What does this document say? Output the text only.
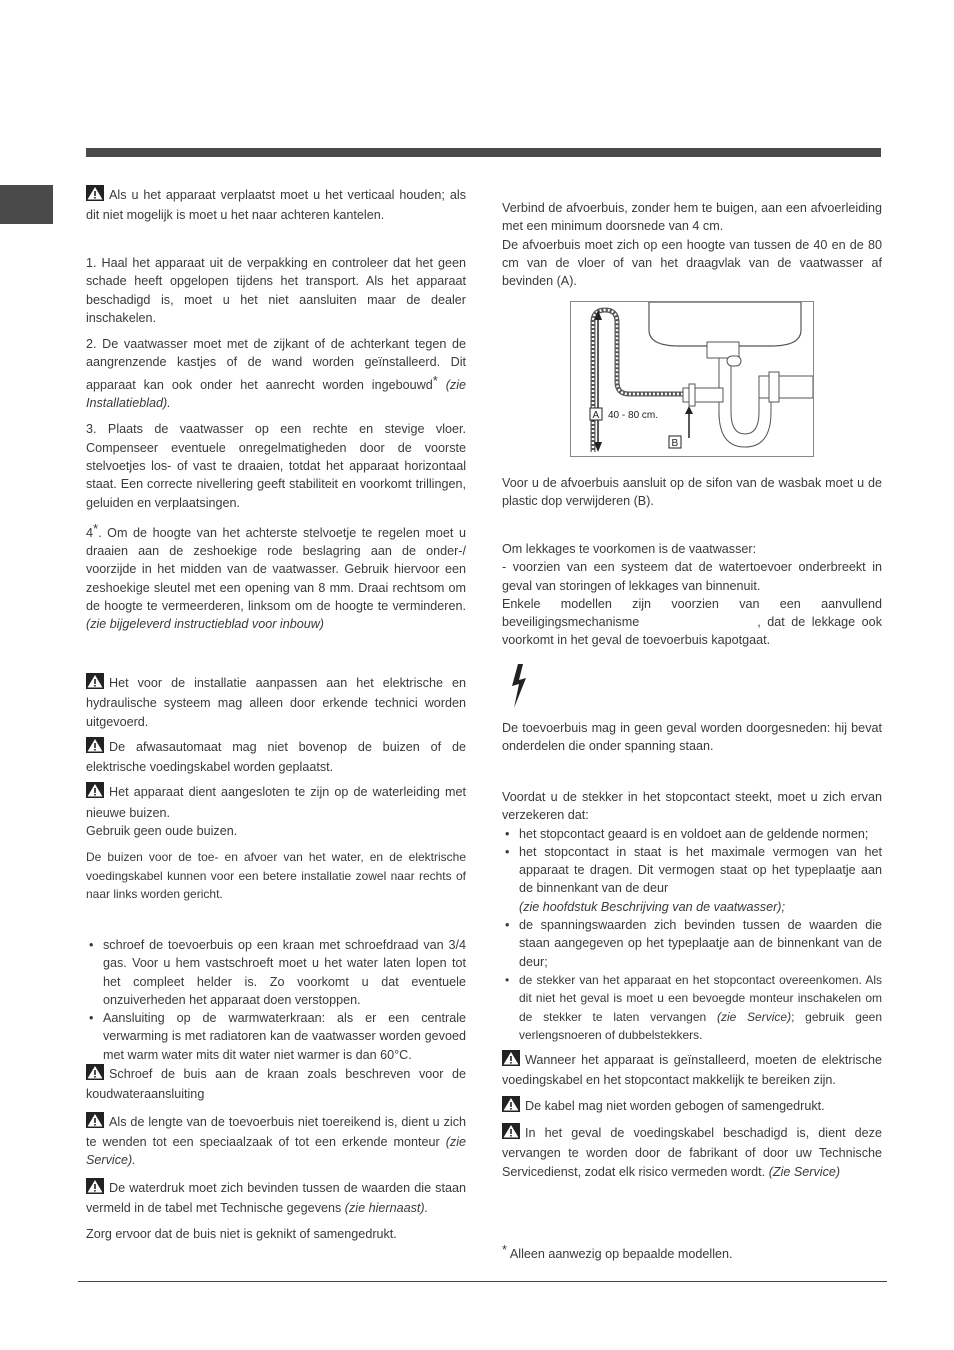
Als u het apparaat verplaatst moet u het verticaal houden; als dit niet mogelijk is moet u het naar achteren kantelen.

1. Haal het apparaat uit de verpakking en controleer dat het geen schade heeft opgelopen tijdens het transport. Als het apparaat beschadigd is, moet u het niet aansluiten maar de dealer inschakelen.

2. De vaatwasser moet met de zijkant of de achterkant tegen de aangrenzende kastjes of de wand worden geïnstalleerd. Dit apparaat kan ook onder het aanrecht worden ingebouwd* (zie Installatieblad).

3. Plaats de vaatwasser op een rechte en stevige vloer. Compenseer eventuele onregelmatigheden door de voorste stelvoetjes los- of vast te draaien, totdat het apparaat horizontaal staat. Een correcte nivellering geeft stabiliteit en voorkomt trillingen, geluiden en verplaatsingen.

4*. Om de hoogte van het achterste stelvoetje te regelen moet u draaien aan de zeshoekige rode beslagring aan de onder-/ voorzijde in het midden van de vaatwasser. Gebruik hiervoor een zeshoekige sleutel met een opening van 8 mm. Draai rechtsom om de hoogte te vermeerderen, linksom om de hoogte te verminderen. (zie bijgeleverd instructieblad voor inbouw)

Het voor de installatie aanpassen aan het elektrische en hydraulische systeem mag alleen door erkende technici worden uitgevoerd.

De afwasautomaat mag niet bovenop de buizen of de elektrische voedingskabel worden geplaatst.

Het apparaat dient aangesloten te zijn op de waterleiding met nieuwe buizen.

Gebruik geen oude buizen.

De buizen voor de toe- en afvoer van het water, en de elektrische voedingskabel kunnen voor een betere installatie zowel naar rechts of naar links worden gericht.

• schroef de toevoerbuis op een kraan met schroefdraad van 3/4 gas. Voor u hem vastschroeft moet u het water laten lopen tot het compleet helder is. Zo voorkomt u dat eventuele onzuiverheden het apparaat doen verstoppen.
• Aansluiting op de warmwaterkraan: als er een centrale verwarming is met radiatoren kan de vaatwasser worden gevoed met warm water mits dit water niet warmer is dan 60°C.

Schroef de buis aan de kraan zoals beschreven voor de koudwateraansluiting

Als de lengte van de toevoerbuis niet toereikend is, dient u zich te wenden tot een speciaalzaak of tot een erkende monteur (zie Service).

De waterdruk moet zich bevinden tussen de waarden die staan vermeld in de tabel met Technische gegevens (zie hiernaast).

Zorg ervoor dat de buis niet is geknikt of samengedrukt.

Verbind de afvoerbuis, zonder hem te buigen, aan een afvoerleiding met een minimum doorsnede van 4 cm.

De afvoerbuis moet zich op een hoogte van tussen de 40 en de 80 cm van de vloer of van het draagvlak van de vaatwasser af bevinden (A).

A 40 - 80 cm.
B

Voor u de afvoerbuis aansluit op de sifon van de wasbak moet u de plastic dop verwijderen (B).

Om lekkages te voorkomen is de vaatwasser:

- voorzien van een systeem dat de watertoevoer onderbreekt in geval van storingen of lekkages van binnenuit.

Enkele modellen zijn voorzien van een aanvullend beveiligingsmechanisme	, dat de lekkage ook voorkomt in het geval de toevoerbuis kapotgaat.

De toevoerbuis mag in geen geval worden doorgesneden: hij bevat onderdelen die onder spanning staan.

Voordat u de stekker in het stopcontact steekt, moet u zich ervan verzekeren dat:

• het stopcontact geaard is en voldoet aan de geldende normen;
• het stopcontact in staat is het maximale vermogen van het apparaat te dragen. Dit vermogen staat op het typeplaatje aan de binnenkant van de deur
(zie hoofdstuk Beschrijving van de vaatwasser);
• de spanningswaarden zich bevinden tussen de waarden die staan aangegeven op het typeplaatje aan de binnenkant van de deur;
• de stekker van het apparaat en het stopcontact overeenkomen. Als dit niet het geval is moet u een bevoegde monteur inschakelen om de stekker te laten vervangen (zie Service); gebruik geen verlengsnoeren of dubbelstekkers.

Wanneer het apparaat is geïnstalleerd, moeten de elektrische voedingskabel en het stopcontact makkelijk te bereiken zijn.

De kabel mag niet worden gebogen of samengedrukt.

In het geval de voedingskabel beschadigd is, dient deze vervangen te worden door de fabrikant of door uw Technische Servicedienst, zodat elk risico vermeden wordt. (Zie Service)

* Alleen aanwezig op bepaalde modellen.
